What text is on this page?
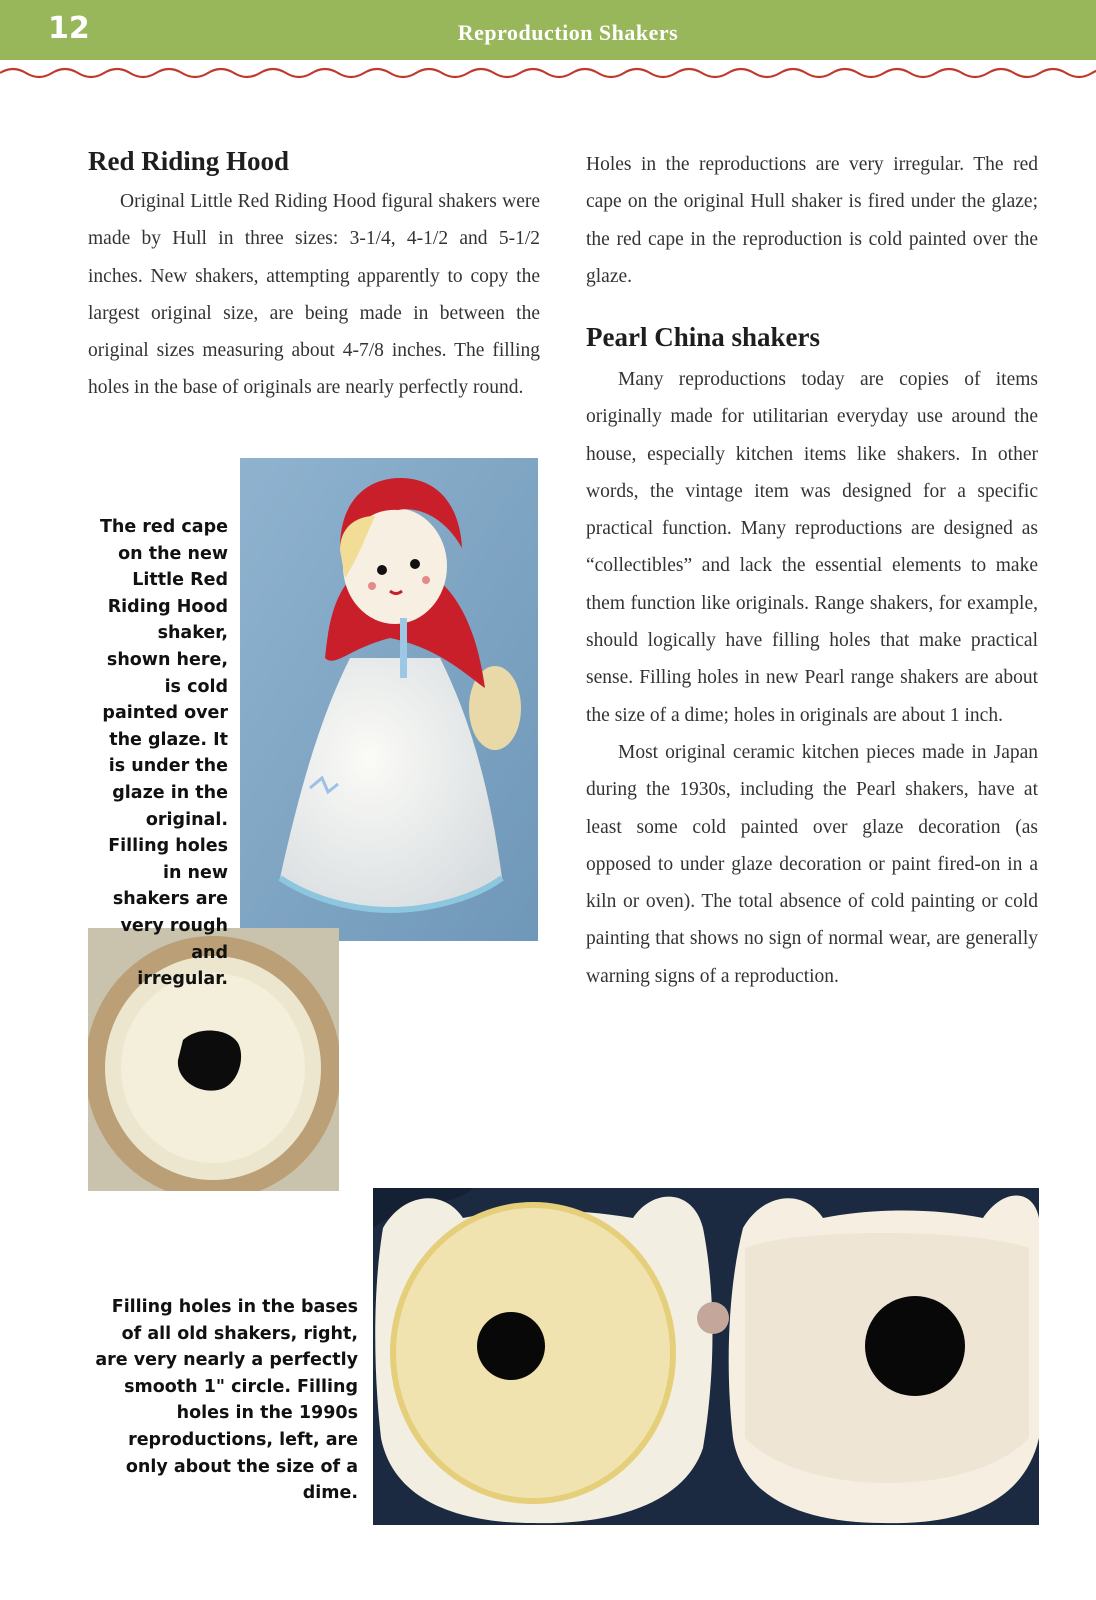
12	Reproduction Shakers
Red Riding Hood

Original Little Red Riding Hood figural shakers were made by Hull in three sizes: 3-1/4, 4-1/2 and 5-1/2 inches. New shakers, attempting apparently to copy the largest original size, are being made in between the original sizes measuring about 4-7/8 inches. The filling holes in the base of originals are nearly perfectly round.

The red cape on the new Little Red Riding Hood shaker, shown here, is cold painted over the glaze. It is under the glaze in the original. Filling holes in new shakers are very rough and irregular.

Holes in the reproductions are very irregular. The red cape on the original Hull shaker is fired under the glaze; the red cape in the reproduction is cold painted over the glaze.

Pearl China shakers

Many reproductions today are copies of items originally made for utilitarian everyday use around the house, especially kitchen items like shakers. In other words, the vintage item was designed for a specific practical function. Many reproductions are designed as “collectibles” and lack the essential elements to make them function like originals. Range shakers, for example, should logically have filling holes that make practical sense. Filling holes in new Pearl range shakers are about the size of a dime; holes in originals are about 1 inch.

Most original ceramic kitchen pieces made in Japan during the 1930s, including the Pearl shakers, have at least some cold painted over glaze decoration (as opposed to under glaze decoration or paint fired-on in a kiln or oven). The total absence of cold painting or cold painting that shows no sign of normal wear, are generally warning signs of a reproduction.

Filling holes in the bases of all old shakers, right, are very nearly a perfectly smooth 1" circle. Filling holes in the 1990s reproductions, left, are only about the size of a dime.
